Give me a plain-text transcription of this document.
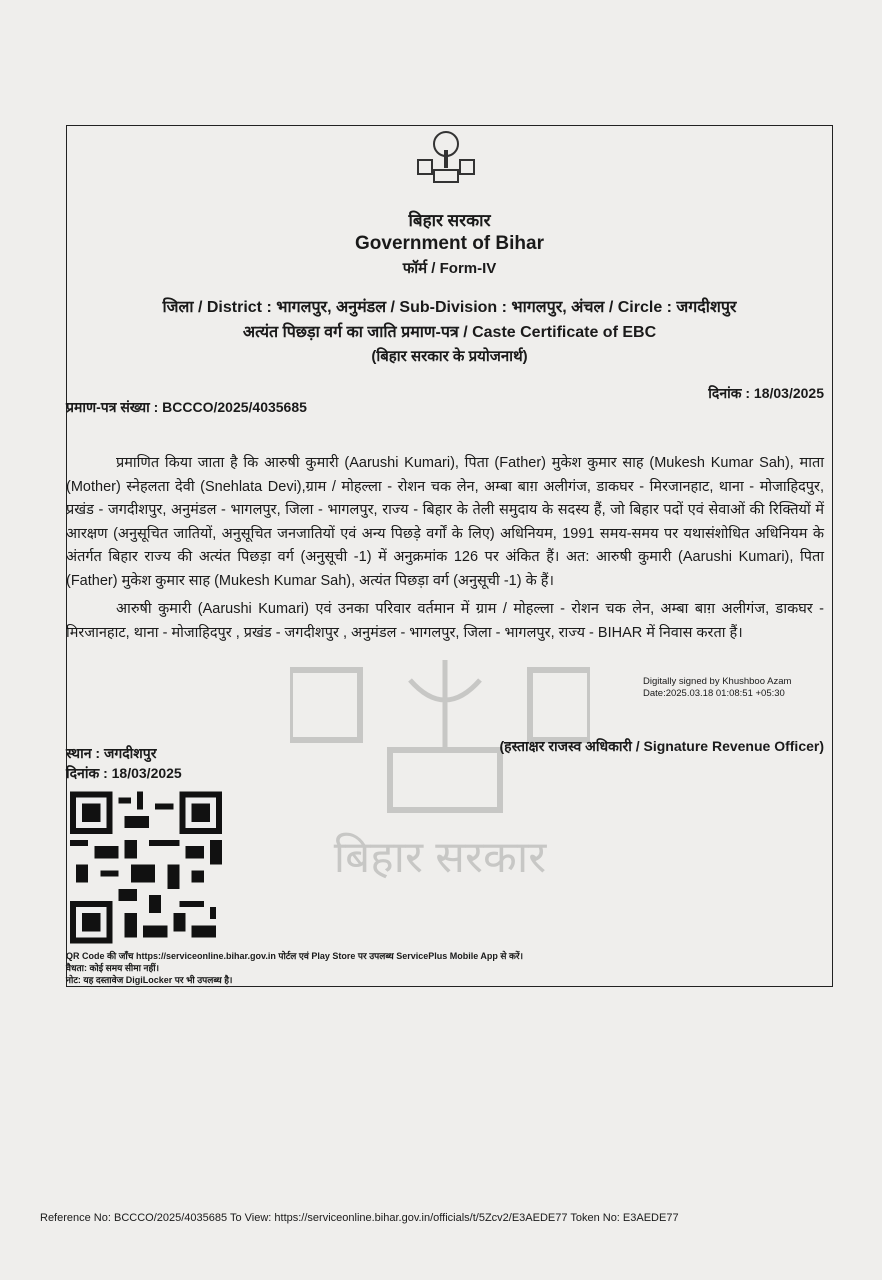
बिहार सरकार
बिहार सरकार
Government of Bihar
फॉर्म / Form-IV
जिला / District : भागलपुर, अनुमंडल / Sub-Division : भागलपुर, अंचल / Circle : जगदीशपुर
अत्यंत पिछड़ा वर्ग का जाति प्रमाण-पत्र / Caste Certificate of EBC
(बिहार सरकार के प्रयोजनार्थ)
प्रमाण-पत्र संख्या : BCCCO/2025/4035685
दिनांक : 18/03/2025
प्रमाणित किया जाता है कि आरुषी कुमारी (Aarushi Kumari), पिता (Father) मुकेश कुमार साह (Mukesh Kumar Sah), माता (Mother) स्नेहलता देवी (Snehlata Devi),ग्राम / मोहल्ला - रोशन चक लेन, अम्बा बाग़ अलीगंज, डाकघर - मिरजानहाट, थाना - मोजाहिदपुर, प्रखंड - जगदीशपुर, अनुमंडल - भागलपुर, जिला - भागलपुर, राज्य - बिहार के तेली समुदाय के सदस्य हैं, जो बिहार पदों एवं सेवाओं की रिक्तियों में आरक्षण (अनुसूचित जातियों, अनुसूचित जनजातियों एवं अन्य पिछड़े वर्गों के लिए) अधिनियम, 1991 समय-समय पर यथासंशोधित अधिनियम के अंतर्गत बिहार राज्य की अत्यंत पिछड़ा वर्ग (अनुसूची -1) में अनुक्रमांक 126 पर अंकित हैं। अत: आरुषी कुमारी (Aarushi Kumari), पिता (Father) मुकेश कुमार साह (Mukesh Kumar Sah), अत्यंत पिछड़ा वर्ग (अनुसूची -1) के हैं।
आरुषी कुमारी (Aarushi Kumari) एवं उनका परिवार वर्तमान में ग्राम / मोहल्ला - रोशन चक लेन, अम्बा बाग़ अलीगंज, डाकघर - मिरजानहाट, थाना - मोजाहिदपुर , प्रखंड - जगदीशपुर , अनुमंडल - भागलपुर, जिला - भागलपुर, राज्य - BIHAR में निवास करता हैं।
Digitally signed by Khushboo Azam
Date:2025.03.18 01:08:51 +05:30
स्थान : जगदीशपुर
दिनांक : 18/03/2025
(हस्ताक्षर राजस्व अधिकारी / Signature Revenue Officer)
QR Code की जाँच https://serviceonline.bihar.gov.in पोर्टल एवं Play Store पर उपलब्ध ServicePlus Mobile App से करें।
वैधता: कोई समय सीमा नहीं।
नोट: यह दस्तावेज DigiLocker पर भी उपलब्ध है।
Reference No: BCCCO/2025/4035685 To View: https://serviceonline.bihar.gov.in/officials/t/5Zcv2/E3AEDE77 Token No: E3AEDE77
